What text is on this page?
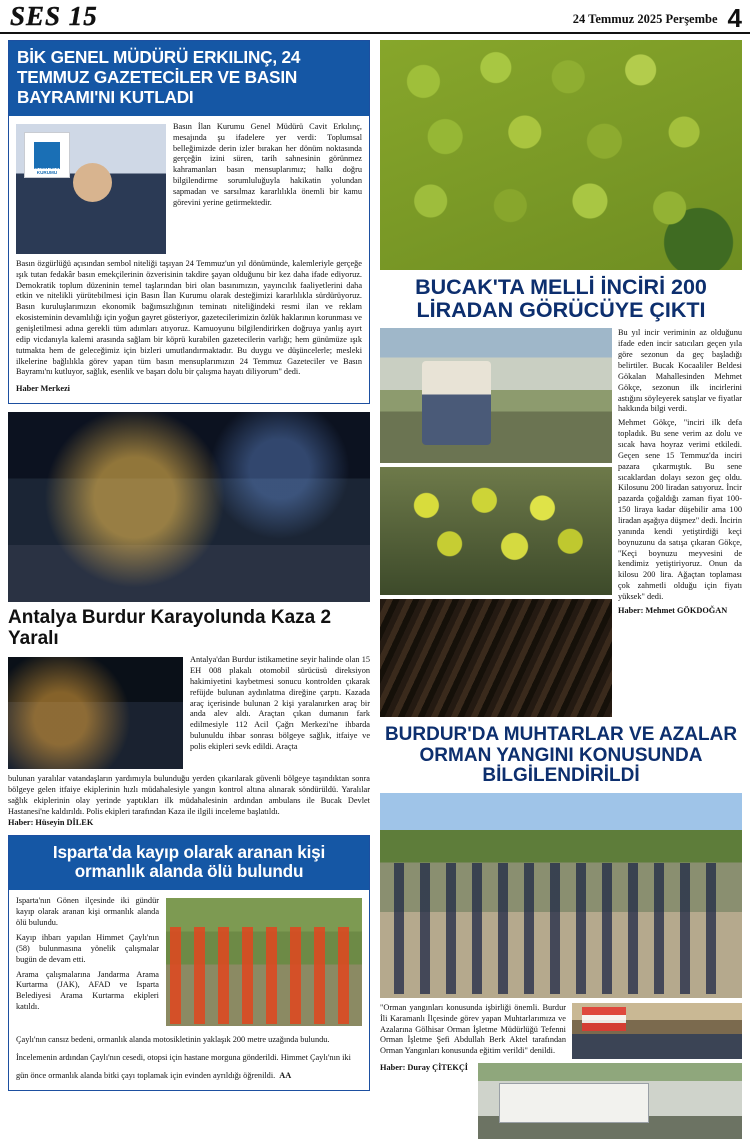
SES 15	24 Temmuz 2025 Perşembe 4
BİK GENEL MÜDÜRÜ ERKILINÇ, 24 TEMMUZ GAZETECİLER VE BASIN BAYRAMI'NI KUTLADI
BASIN İLAN KURUMU
Basın İlan Kurumu Genel Müdürü Cavit Erkılınç, mesajında şu ifadelere yer verdi: Toplumsal belleğimizde derin izler bırakan her dönüm noktasında gerçeğin izini süren, tarih sahnesinin görünmez kahramanları basın mensuplarımız; halkı doğru bilgilendirme sorumluluğuyla hakikatin yolundan sapmadan ve sarsılmaz kararlılıkla önemli bir kamu görevini yerine getirmektedir.
Basın özgürlüğü açısından sembol niteliği taşıyan 24 Temmuz'un yıl dönümünde, kalemleriyle gerçeğe ışık tutan fedakâr basın emekçilerinin özverisinin takdire şayan olduğunu bir kez daha ifade ediyoruz. Demokratik toplum düzeninin temel taşlarından biri olan basınımızın, yayıncılık faaliyetlerini daha etkin ve nitelikli yürütebilmesi için Basın İlan Kurumu olarak desteğimizi kararlılıkla sürdürüyoruz. Basın kuruluşlarımızın ekonomik bağımsızlığının teminatı niteliğindeki resmi ilan ve reklam ekosisteminin devamlılığı için yoğun gayret gösteriyor, gazetecilerimizin özlük haklarının korunması ve genişletilmesi adına gerekli tüm adımları atıyoruz. Kamuoyunu bilgilendirirken doğruya yanlış ayırt edip vicdanıyla kalemi arasında sağlam bir köprü kurabilen gazetecilerin varlığı; hem günümüze ışık tutmakta hem de geleceğimiz için bizleri umutlandırmaktadır. Bu duygu ve düşüncelerle; mesleki ilkelerine bağlılıkla görev yapan tüm basın mensuplarımızın 24 Temmuz Gazeteciler ve Basın Bayramı'nı kutluyor, sağlık, esenlik ve başarı dolu bir çalışma hayatı diliyorum" dedi.
Haber Merkezi
Antalya Burdur Karayolunda Kaza 2 Yaralı
Antalya'dan Burdur istikametine seyir halinde olan 15 EH 008 plakalı otomobil sürücüsü direksiyon hakimiyetini kaybetmesi sonucu kontrolden çıkarak refüjde bulunan aydınlatma direğine çarptı. Kazada araç içerisinde bulunan 2 kişi yaralanırken araç bir anda alev aldı. Araçtan çıkan dumanın fark edilmesiyle 112 Acil Çağrı Merkezi'ne ihbarda bulunuldu ihbar sonrası bölgeye sağlık, itfaiye ve polis ekipleri sevk edildi. Araçta
bulunan yaralılar vatandaşların yardımıyla bulunduğu yerden çıkarılarak güvenli bölgeye taşındıktan sonra bölgeye gelen itfaiye ekiplerinin hızlı müdahalesiyle yangın kontrol altına alınarak söndürüldü. Yaralılar sağlık ekiplerinin olay yerinde yaptıkları ilk müdahalesinin ardından ambulans ile Bucak Devlet Hastanesi'ne kaldırıldı. Polis ekipleri tarafından Kaza ile ilgili inceleme başlatıldı.
Haber: Hüseyin DİLEK
Isparta'da kayıp olarak aranan kişi ormanlık alanda ölü bulundu
Isparta'nın Gönen ilçesinde iki gündür kayıp olarak aranan kişi ormanlık alanda ölü bulundu.
Kayıp ihbarı yapılan Himmet Çaylı'nın (58) bulunmasına yönelik çalışmalar bugün de devam etti.
Arama çalışmalarına Jandarma Arama Kurtarma (JAK), AFAD ve Isparta Belediyesi Arama Kurtarma ekipleri katıldı.
Çaylı'nın cansız bedeni, ormanlık alanda motosikletinin yaklaşık 200 metre uzağında bulundu. İncelemenin ardından Çaylı'nın cesedi, otopsi için hastane morguna gönderildi. Himmet Çaylı'nın iki gün önce ormanlık alanda bitki çayı toplamak için evinden ayrıldığı öğrenildi. AA
BUCAK'TA MELLİ İNCİRİ 200 LİRADAN GÖRÜCÜYE ÇIKTI
Bu yıl incir veriminin az olduğunu ifade eden incir satıcıları geçen yıla göre sezonun da geç başladığı belirtiler. Bucak Kocaaliler Beldesi Gökalan Mahallesinden Mehmet Gökçe, sezonun ilk incirlerini astığını söyleyerek satışlar ve fiyatlar hakkında bilgi verdi.
Mehmet Gökçe, "inciri ilk defa topladık. Bu sene verim az dolu ve sıcak hava hoyraz verimi etkiledi. Geçen sene 15 Temmuz'da inciri pazara çıkarmıştık. Bu sene sıcaklardan dolayı sezon geç oldu. Kilosunu 200 liradan satıyoruz. İncir pazarda çoğaldığı zaman fiyat 100-150 liraya kadar düşebilir ama 100 liradan aşağıya düşmez" dedi. İncirin yanında kendi yetiştirdiği keçi boynuzunu da satışa çıkaran Gökçe, "Keçi boynuzu meyvesini de kendimiz yetiştiriyoruz. Onun da kilosu 200 lira. Ağaçtan toplaması çok zahmetli olduğu için fiyatı yüksek" dedi.
Haber: Mehmet GÖKDOĞAN
BURDUR'DA MUHTARLAR VE AZALAR ORMAN YANGINI KONUSUNDA BİLGİLENDİRİLDİ
"Orman yangınları konusunda işbirliği önemli. Burdur İli Karamanlı İlçesinde görev yapan Muhtarlarımıza ve Azalarına Gölhisar Orman İşletme Müdürlüğü Tefenni Orman İşletme Şefi Abdullah Berk Aktel tarafından Orman Yangınları konusunda eğitim verildi" denildi.
Haber: Duray ÇİTEKÇİ
